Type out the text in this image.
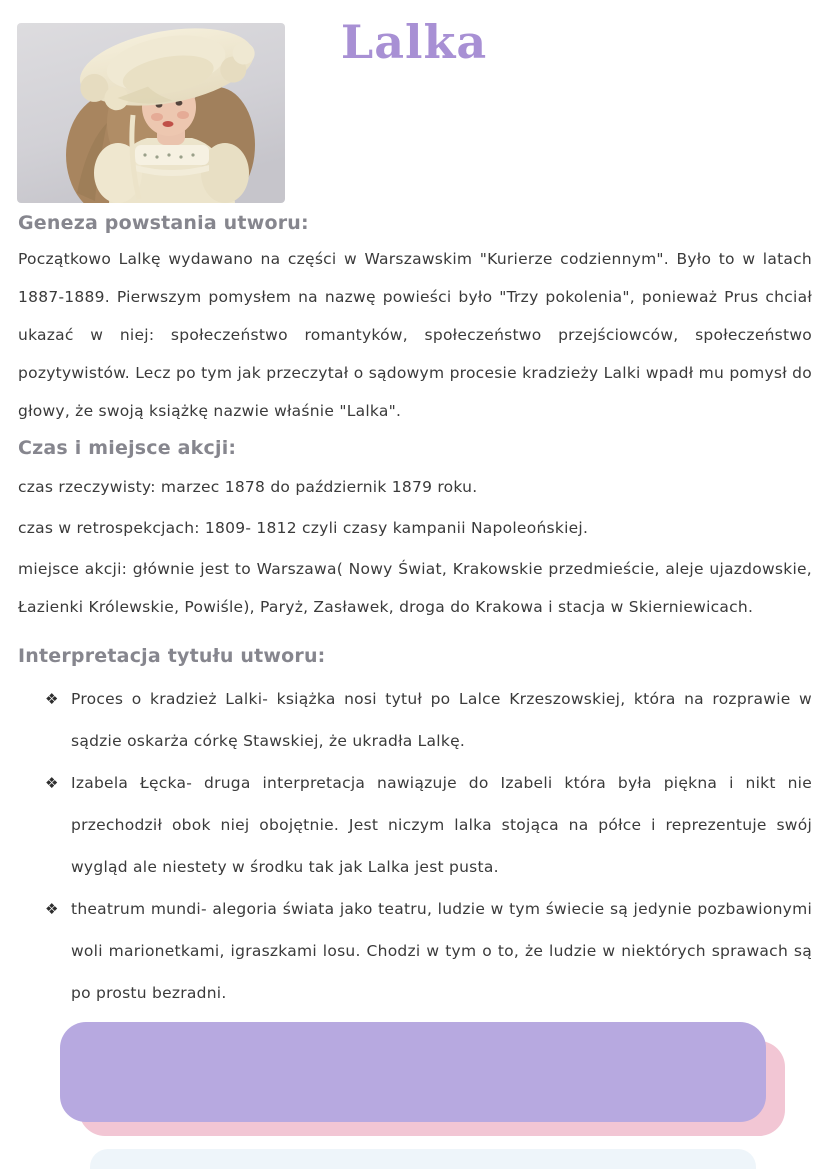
Lalka
Geneza powstania utworu:

Początkowo Lalkę wydawano na części w Warszawskim "Kurierze codziennym". Było to w latach 1887-1889. Pierwszym pomysłem na nazwę powieści było "Trzy pokolenia", ponieważ Prus chciał ukazać w niej: społeczeństwo romantyków, społeczeństwo przejściowców, społeczeństwo pozytywistów. Lecz po tym jak przeczytał o sądowym procesie kradzieży Lalki wpadł mu pomysł do głowy, że swoją książkę nazwie właśnie "Lalka".

Czas i miejsce akcji:

czas rzeczywisty: marzec 1878 do październik 1879 roku.

czas w retrospekcjach: 1809- 1812 czyli czasy kampanii Napoleońskiej.

miejsce akcji: głównie jest to Warszawa( Nowy Świat, Krakowskie przedmieście, aleje ujazdowskie, Łazienki Królewskie, Powiśle), Paryż, Zasławek, droga do Krakowa i stacja w Skierniewicach.

Interpretacja tytułu utworu:
❖ Proces o kradzież Lalki- książka nosi tytuł po Lalce Krzeszowskiej, która na rozprawie w sądzie oskarża córkę Stawskiej, że ukradła Lalkę.
❖ Izabela Łęcka- druga interpretacja nawiązuje do Izabeli która była piękna i nikt nie przechodził obok niej obojętnie. Jest niczym lalka stojąca na półce i reprezentuje swój wygląd ale niestety w środku tak jak Lalka jest pusta.
❖ theatrum mundi- alegoria świata jako teatru, ludzie w tym świecie są jedynie pozbawionymi woli marionetkami, igraszkami losu. Chodzi w tym o to, że ludzie w niektórych sprawach są po prostu bezradni.
